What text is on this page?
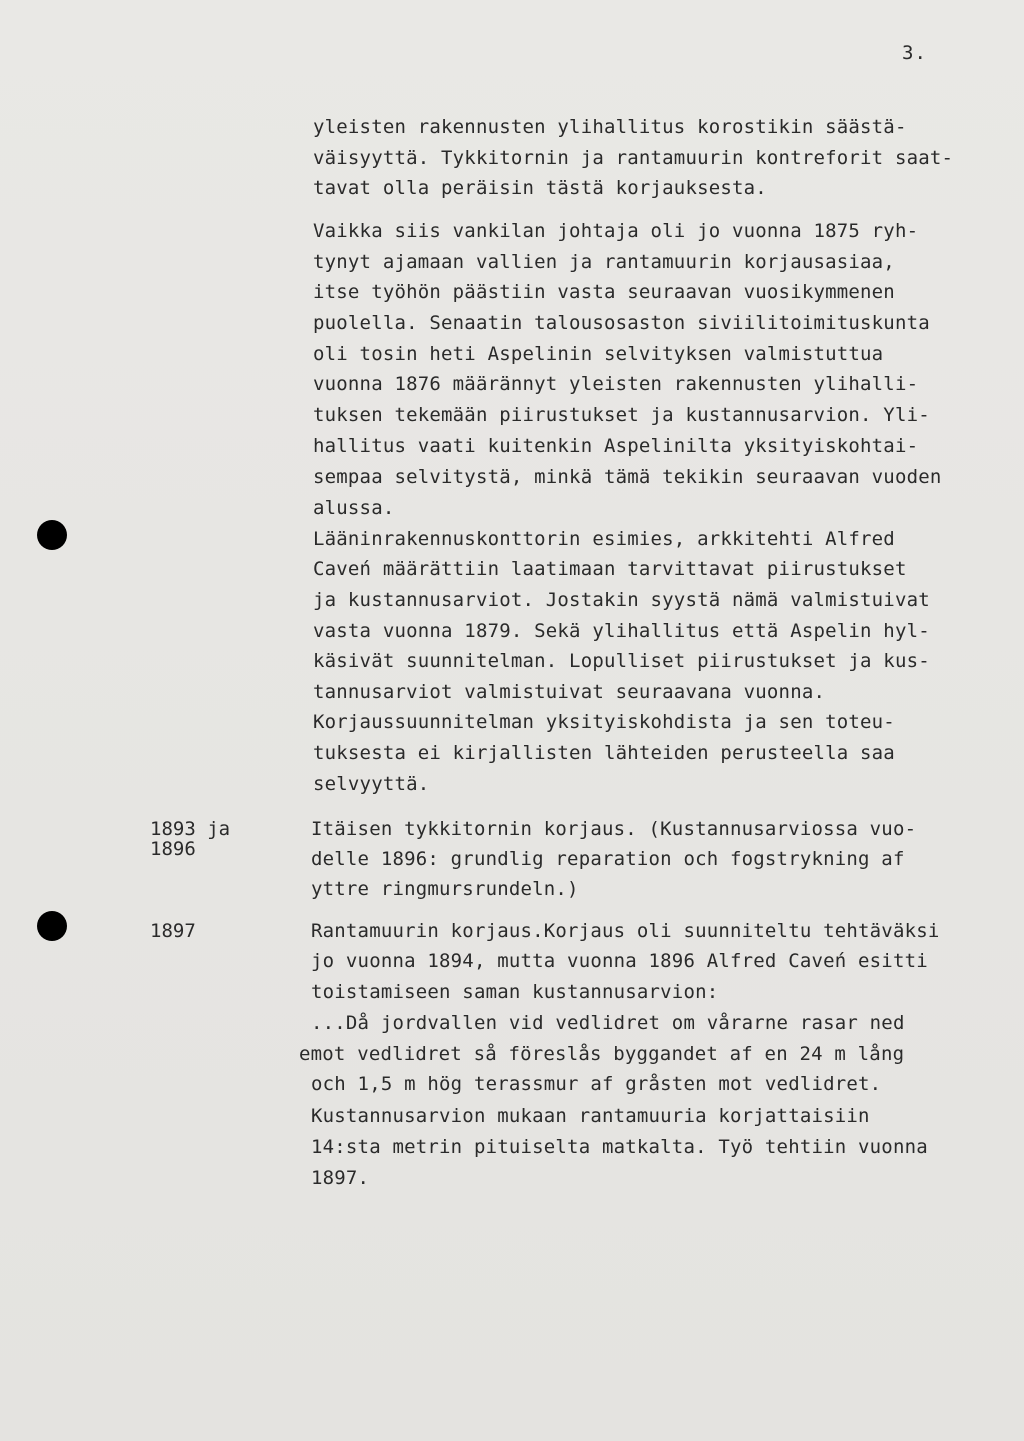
3.
yleisten rakennusten ylihallitus korostikin säästä-
väisyyttä. Tykkitornin ja rantamuurin kontreforit saat-
tavat olla peräisin tästä korjauksesta.
Vaikka siis vankilan johtaja oli jo vuonna 1875 ryh-
tynyt ajamaan vallien ja rantamuurin korjausasiaa,
itse työhön päästiin vasta seuraavan vuosikymmenen
puolella. Senaatin talousosaston siviilitoimituskunta
oli tosin heti Aspelinin selvityksen valmistuttua
vuonna 1876 määrännyt yleisten rakennusten ylihalli-
tuksen tekemään piirustukset ja kustannusarvion. Yli-
hallitus vaati kuitenkin Aspelinilta yksityiskohtai-
sempaa selvitystä, minkä tämä tekikin seuraavan vuoden
alussa.
Lääninrakennuskonttorin esimies, arkkitehti Alfred
Caveń määrättiin laatimaan tarvittavat piirustukset
ja kustannusarviot. Jostakin syystä nämä valmistuivat
vasta vuonna 1879. Sekä ylihallitus että Aspelin hyl-
käsivät suunnitelman. Lopulliset piirustukset ja kus-
tannusarviot valmistuivat seuraavana vuonna.
Korjaussuunnitelman yksityiskohdista ja sen toteu-
tuksesta ei kirjallisten lähteiden perusteella saa
selvyyttä.
1893 ja
1896
Itäisen tykkitornin korjaus. (Kustannusarviossa vuo-
delle 1896: grundlig reparation och fogstrykning af
yttre ringmursrundeln.)
1897	Rantamuurin korjaus.Korjaus oli suunniteltu tehtäväksi
jo vuonna 1894, mutta vuonna 1896 Alfred Caveń esitti
toistamiseen saman kustannusarvion:
...Då jordvallen vid vedlidret om vårarne rasar ned
emot vedlidret så föreslås byggandet af en 24 m lång
och 1,5 m hög terassmur af gråsten mot vedlidret.
Kustannusarvion mukaan rantamuuria korjattaisiin
14:sta metrin pituiselta matkalta. Työ tehtiin vuonna
1897.
